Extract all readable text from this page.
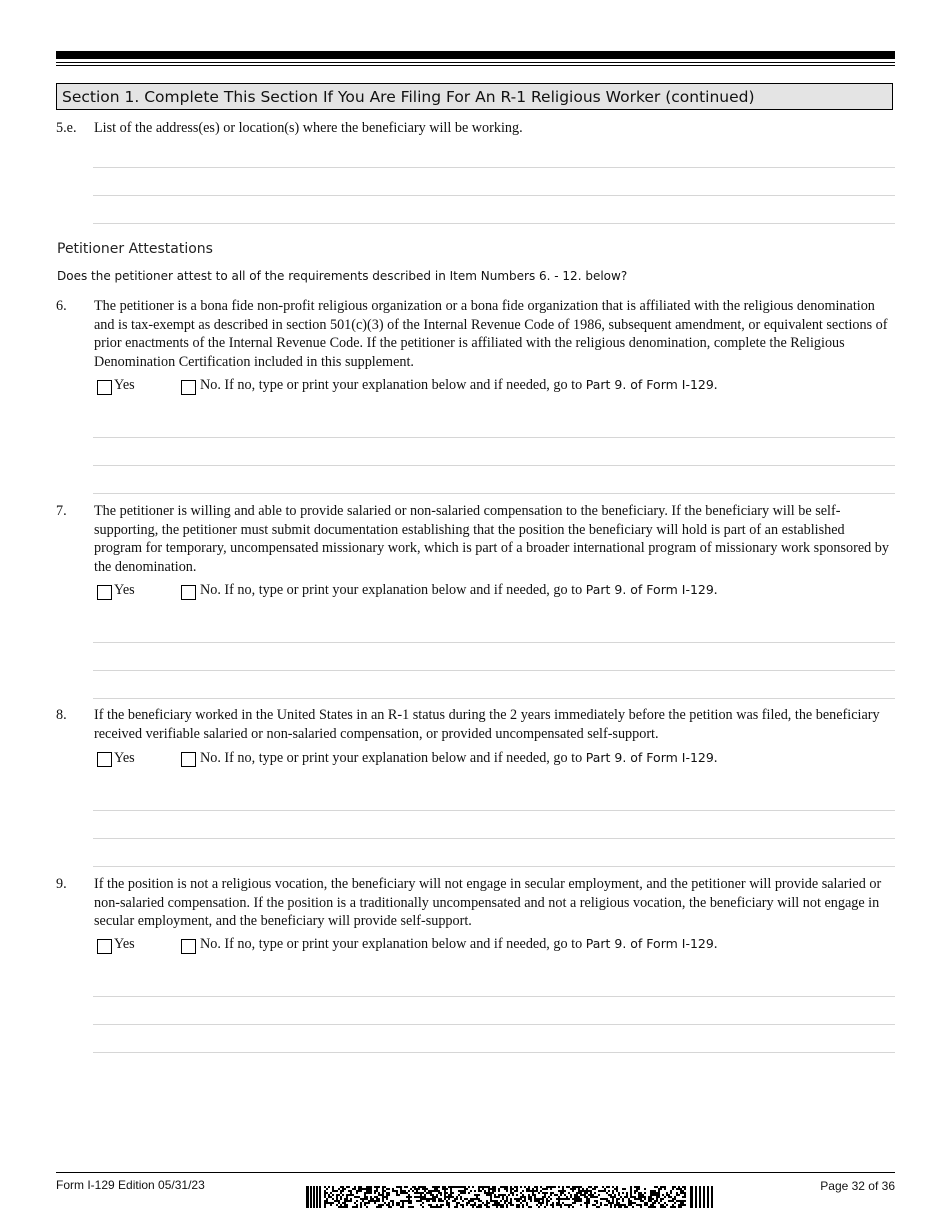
Section 1. Complete This Section If You Are Filing For An R-1 Religious Worker (continued)
5.e. List of the address(es) or location(s) where the beneficiary will be working.
Petitioner Attestations
Does the petitioner attest to all of the requirements described in Item Numbers 6. - 12. below?
6. The petitioner is a bona fide non-profit religious organization or a bona fide organization that is affiliated with the religious denomination and is tax-exempt as described in section 501(c)(3) of the Internal Revenue Code of 1986, subsequent amendment, or equivalent sections of prior enactments of the Internal Revenue Code. If the petitioner is affiliated with the religious denomination, complete the Religious Denomination Certification included in this supplement.
Yes	No. If no, type or print your explanation below and if needed, go to Part 9. of Form I-129.
7. The petitioner is willing and able to provide salaried or non-salaried compensation to the beneficiary. If the beneficiary will be self-supporting, the petitioner must submit documentation establishing that the position the beneficiary will hold is part of an established program for temporary, uncompensated missionary work, which is part of a broader international program of missionary work sponsored by the denomination.
Yes	No. If no, type or print your explanation below and if needed, go to Part 9. of Form I-129.
8. If the beneficiary worked in the United States in an R-1 status during the 2 years immediately before the petition was filed, the beneficiary received verifiable salaried or non-salaried compensation, or provided uncompensated self-support.
Yes	No. If no, type or print your explanation below and if needed, go to Part 9. of Form I-129.
9. If the position is not a religious vocation, the beneficiary will not engage in secular employment, and the petitioner will provide salaried or non-salaried compensation. If the position is a traditionally uncompensated and not a religious vocation, the beneficiary will not engage in secular employment, and the beneficiary will provide self-support.
Yes	No. If no, type or print your explanation below and if needed, go to Part 9. of Form I-129.
Form I-129 Edition 05/31/23	Page 32 of 36
